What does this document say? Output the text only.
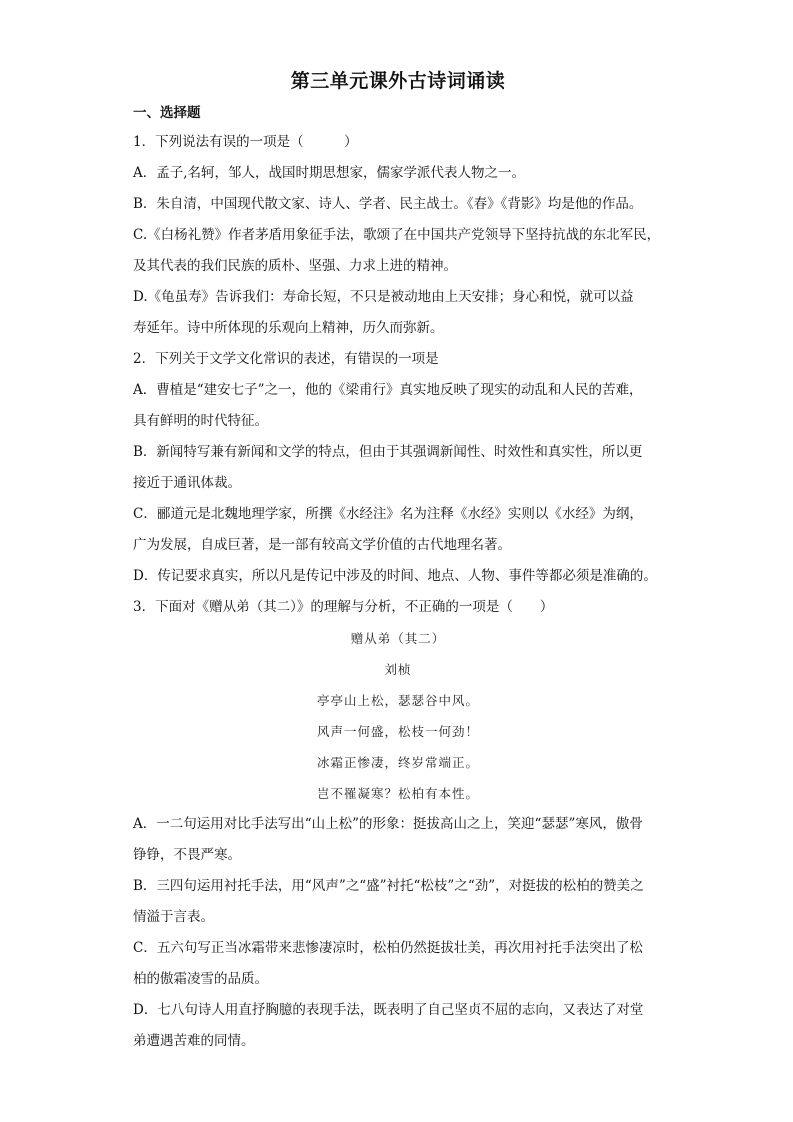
第三单元课外古诗词诵读
一、选择题
1．下列说法有误的一项是（　　　）
A．孟子,名轲，邹人，战国时期思想家，儒家学派代表人物之一。
B．朱自清，中国现代散文家、诗人、学者、民主战士。《春》《背影》均是他的作品。
C.《白杨礼赞》作者茅盾用象征手法，歌颂了在中国共产党领导下坚持抗战的东北军民，
及其代表的我们民族的质朴、坚强、力求上进的精神。
D.《龟虽寿》告诉我们：寿命长短，不只是被动地由上天安排；身心和悦，就可以益
寿延年。诗中所体现的乐观向上精神，历久而弥新。
2．下列关于文学文化常识的表述，有错误的一项是
A．曹植是“建安七子”之一，他的《梁甫行》真实地反映了现实的动乱和人民的苦难，
具有鲜明的时代特征。
B．新闻特写兼有新闻和文学的特点，但由于其强调新闻性、时效性和真实性，所以更
接近于通讯体裁。
C．郦道元是北魏地理学家，所撰《水经注》名为注释《水经》实则以《水经》为纲，
广为发展，自成巨著，是一部有较高文学价值的古代地理名著。
D．传记要求真实，所以凡是传记中涉及的时间、地点、人物、事件等都必须是准确的。
3．下面对《赠从弟（其二）》的理解与分析，不正确的一项是（　　）
赠从弟（其二）
刘桢
亭亭山上松，瑟瑟谷中风。
风声一何盛，松枝一何劲！
冰霜正惨凄，终岁常端正。
岂不罹凝寒？松柏有本性。
A．一二句运用对比手法写出“山上松”的形象：挺拔高山之上，笑迎“瑟瑟”寒风，傲骨
铮铮，不畏严寒。
B．三四句运用衬托手法，用“风声”之“盛”衬托“松枝”之“劲”，对挺拔的松柏的赞美之
情溢于言表。
C．五六句写正当冰霜带来悲惨凄凉时，松柏仍然挺拔壮美，再次用衬托手法突出了松
柏的傲霜凌雪的品质。
D．七八句诗人用直抒胸臆的表现手法，既表明了自己坚贞不屈的志向，又表达了对堂
弟遭遇苦难的同情。
